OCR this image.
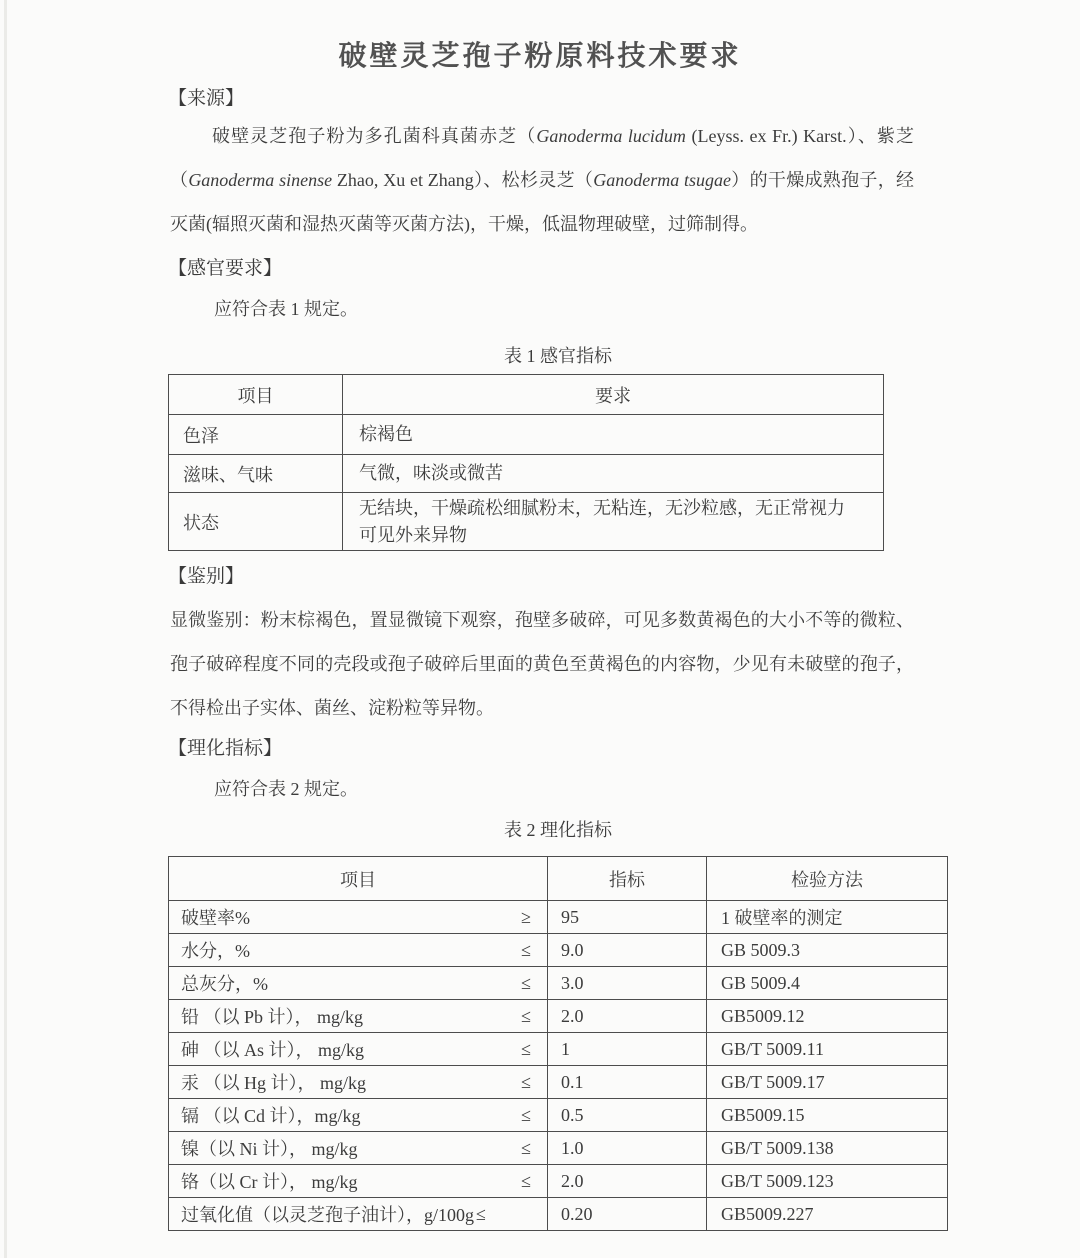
破壁灵芝孢子粉原料技术要求
【来源】
破壁灵芝孢子粉为多孔菌科真菌赤芝（Ganoderma lucidum (Leyss. ex Fr.) Karst.）、紫芝（Ganoderma sinense Zhao, Xu et Zhang）、松杉灵芝（Ganoderma tsugae）的干燥成熟孢子，经灭菌(辐照灭菌和湿热灭菌等灭菌方法)，干燥，低温物理破壁，过筛制得。
【感官要求】
应符合表 1 规定。
表 1 感官指标
项目	要求
色泽	棕褐色
滋味、气味	气微，味淡或微苦
状态	无结块，干燥疏松细腻粉末，无粘连，无沙粒感，无正常视力可见外来异物
【鉴别】
显微鉴别：粉末棕褐色，置显微镜下观察，孢壁多破碎，可见多数黄褐色的大小不等的微粒、孢子破碎程度不同的壳段或孢子破碎后里面的黄色至黄褐色的内容物，少见有未破壁的孢子，不得检出子实体、菌丝、淀粉粒等异物。
【理化指标】
应符合表 2 规定。
表 2 理化指标
项目	指标	检验方法

破壁率% ≥	95	1 破壁率的测定

水分，% ≤	9.0	GB 5009.3

总灰分，% ≤	3.0	GB 5009.4

铅 （以 Pb 计）， mg/kg ≤	2.0	GB5009.12

砷 （以 As 计）， mg/kg ≤	1	GB/T 5009.11

汞 （以 Hg 计）， mg/kg ≤	0.1	GB/T 5009.17

镉 （以 Cd 计），mg/kg ≤	0.5	GB5009.15

镍（以 Ni 计）， mg/kg ≤	1.0	GB/T 5009.138

铬（以 Cr 计）， mg/kg ≤	2.0	GB/T 5009.123

过氧化值（以灵芝孢子油计），g/100g ≤	0.20	GB5009.227
